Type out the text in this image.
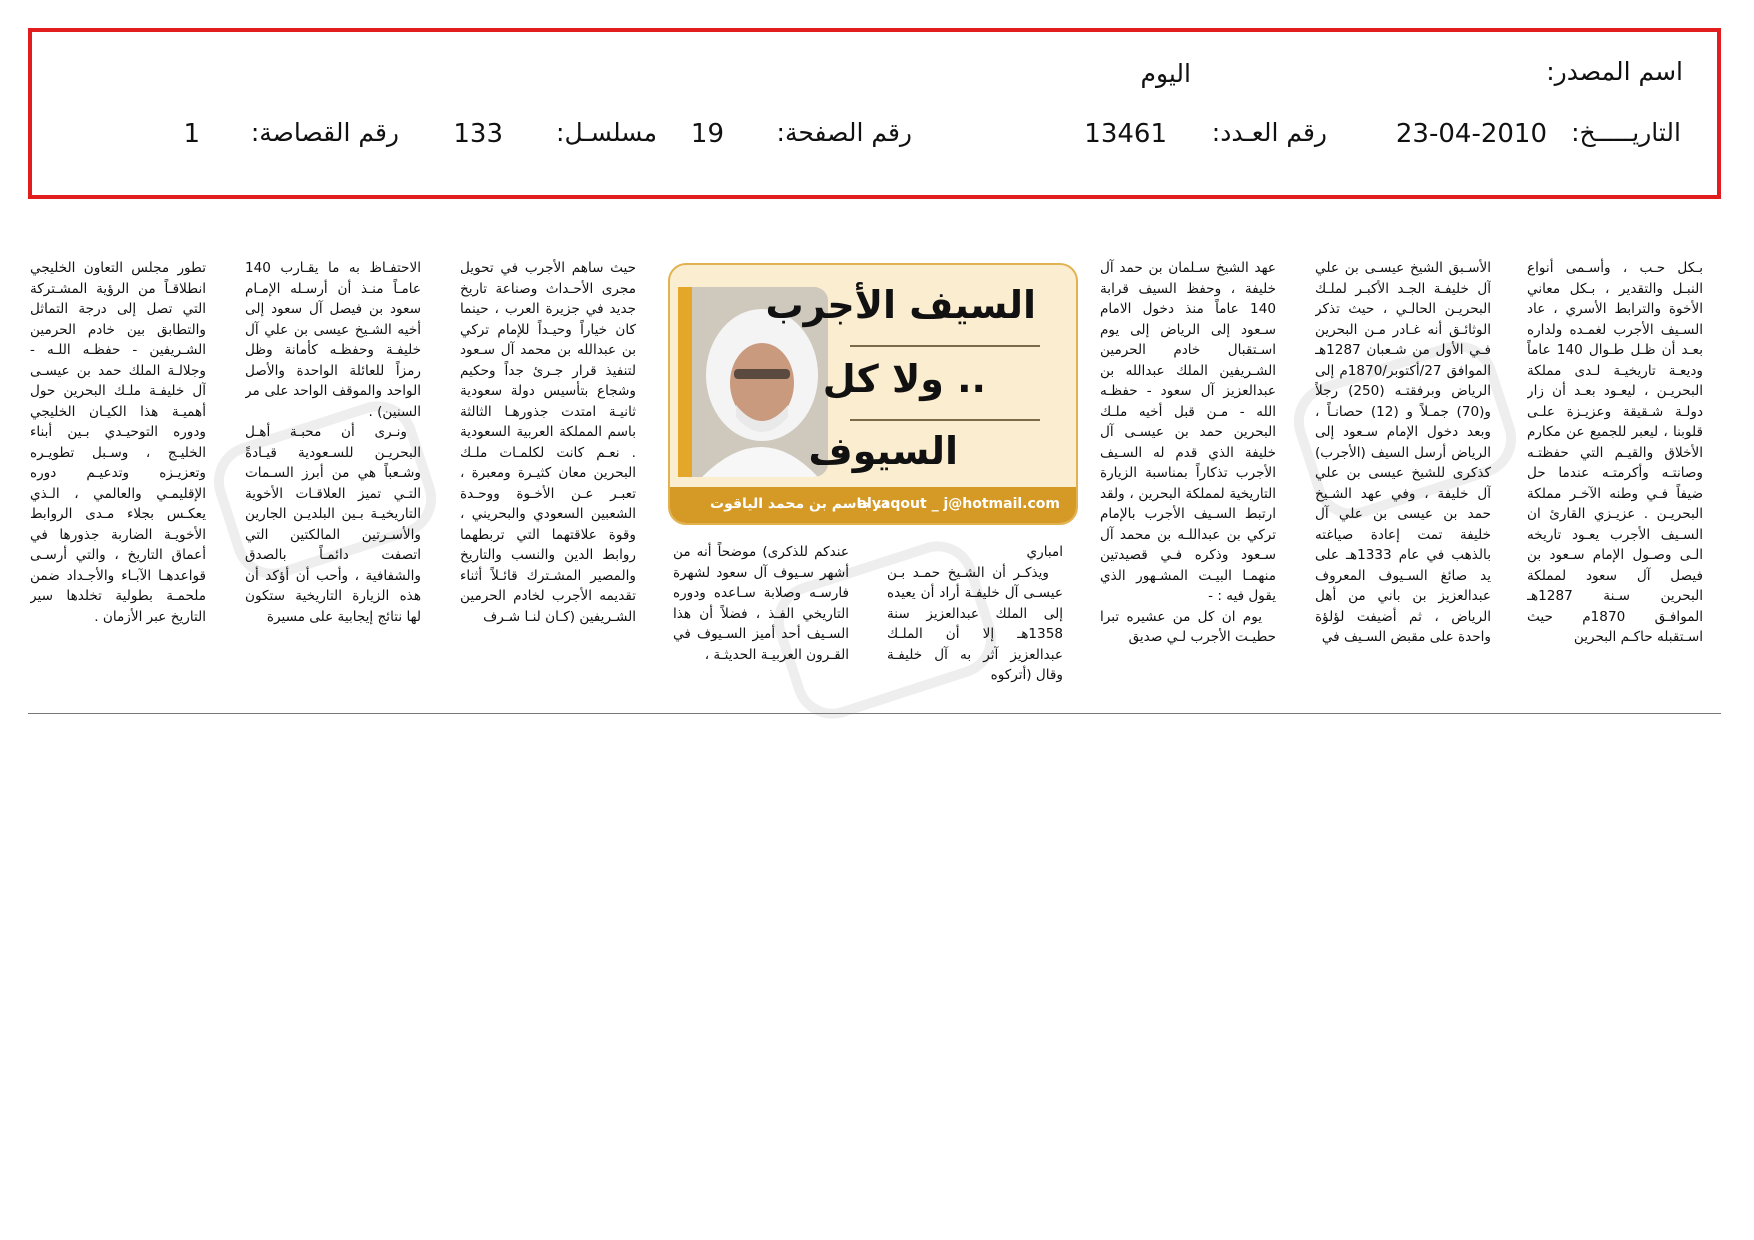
اسم المصدر:
اليوم
التاريـــــخ:
23-04-2010
رقم العـدد:
13461
رقم الصفحة:
19
مسلسـل:
133
رقم القصاصة:
1

بـكل حـب ، وأسـمى أنواع النبـل والتقدير ، بـكل معاني الأخوة والترابط الأسري ، عاد السـيف الأجرب لغمـده ولداره بعـد أن ظـل طـوال 140 عاماً وديعـة تاريخيـة لـدى مملكة البحريـن ، ليعـود بعـد أن زار دولـة شـقيقة وعزيـزة علـى قلوبنا ، ليعبر للجميع عن مكارم الأخلاق والقيـم التي حفظتـه وصانتـه وأكرمتـه عندما حل ضيفاً فـي وطنه الآخـر مملكة البحريـن . عزيـزي القارئ ان السـيف الأجرب يعـود تاريخه الـى وصـول الإمام سـعود بن فيصل آل سعود لمملكة البحرين سـنة 1287هـ الموافـق 1870م حيث اسـتقبله حاكـم البحرين

الأسـبق الشيخ عيسـى بن علي آل خليفـة الجـد الأكبـر لملـك البحريـن الحالـي ، حيث تذكر الوثائـق أنه غـادر مـن البحرين فـي الأول من شـعبان 1287هـ الموافق 27/أكتوبر/1870م إلى الرياض وبرفقتـه (250) رجلاً و(70) جمـلاً و (12) حصانـاً ، وبعد دخول الإمام سـعود إلى الرياض أرسل السيف (الأجرب) كذكرى للشيخ عيسى بن علي آل خليفة ، وفي عهد الشـيخ حمد بن عيسى بن علي آل خليفة تمت إعادة صياغته بالذهب في عام 1333هـ على يد صائغ السـيوف المعروف عبدالعزيز بن باني من أهل الرياض ، ثم أضيفت لؤلؤة واحدة على مقبض السـيف في

عهد الشيخ سـلمان بن حمد آل خليفة ، وحفظ السيف قرابة 140 عاماً منذ دخول الامام سـعود إلى الرياض إلى يوم اسـتقبال خادم الحرمين الشـريفين الملك عبدالله بن عبدالعزيز آل سعود - حفظـه الله - مـن قبل أخيه ملـك البحرين حمد بن عيسـى آل خليفة الذي قدم له السـيف الأجرب تذكاراً بمناسبة الزيارة التاريخية لمملكة البحرين ، ولقد ارتبط السـيف الأجرب بالإمام تركي بن عبداللـه بن محمد آل سـعود وذكره فـي قصيدتين منهمـا البيـت المشـهور الذي يقول فيه : -

يوم ان كل من عشيره تبرا حطيـت الأجرب لـي صديق

السيف الأجرب
.. ولا كل
السيوف
alyaqout _ j@hotmail.com
د. جاسم بن محمد الياقوت

امباري

ويذكـر أن الشـيخ حمـد بـن عيسـى آل خليفـة أراد أن يعيده إلى الملك عبدالعزيز سنة 1358هـ إلا أن الملـك عبدالعزيز آثر به آل خليفـة وقال (أتركوه

عندكم للذكرى) موضحاً أنه من أشهر سـيوف آل سعود لشهرة فارسـه وصلابة سـاعده ودوره التاريخي الفـذ ، فضلاً أن هذا السـيف أحد أميز السـيوف في القـرون العربيـة الحديثـة ،

حيث ساهم الأجرب في تحويل مجرى الأحـداث وصناعة تاريخ جديد في جزيرة العرب ، حينما كان خياراً وحيـداً للإمام تركي بن عبدالله بن محمد آل سـعود لتنفيذ قرار جـرئ جداً وحكيم وشجاع بتأسيس دولة سعودية ثانيـة امتدت جذورهـا الثالثة باسم المملكة العربية السعودية . نعـم كانت لكلمـات ملـك البحرين معان كثيـرة ومعبرة ، تعبـر عـن الأخـوة ووحـدة الشعبين السعودي والبحريني ، وقوة علاقتهما التي تربطهما روابط الدين والنسب والتاريخ والمصير المشـترك قائـلاً أثناء تقديمه الأجرب لخادم الحرمين الشـريفين (كـان لنـا شـرف

الاحتفـاظ به ما يقـارب 140 عامـاً منـذ أن أرسـله الإمـام سعود بن فيصل آل سعود إلى أخيه الشـيخ عيسى بن علي آل خليفـة وحفظـه كأمانة وظل رمزاً للعائلة الواحدة والأصل الواحد والموقف الواحد على مر السنين) .

ونـرى أن محبـة أهـل البحريـن للسـعودية قيـادةً وشـعباً هي من أبرز السـمات التـي تميز العلاقـات الأخوية التاريخيـة بـين البلديـن الجارين والأسـرتين المالكتين التي اتصفت دائمـاً بالصدق والشفافية ، وأحب أن أؤكد أن هذه الزيارة التاريخية ستكون لها نتائج إيجابية على مسيرة

تطور مجلس التعاون الخليجي انطلاقـاً من الرؤية المشـتركة التي تصل إلى درجة التماثل والتطابق بين خادم الحرمين الشـريفين - حفظـه اللـه - وجلالـة الملك حمد بن عيسـى آل خليفـة ملـك البحرين حول أهميـة هذا الكيـان الخليجي ودوره التوحيـدي بـين أبناء الخليـج ، وسـبل تطويـره وتعزيـزه وتدعيـم دوره الإقليمـي والعالمي ، الـذي يعكـس بجلاء مـدى الروابط الأخويـة الضاربة جذورها في أعماق التاريخ ، والتي أرسـى قواعدهـا الآبـاء والأجـداد ضمن ملحمـة بطولية تخلدها سير التاريخ عبر الأزمان .
